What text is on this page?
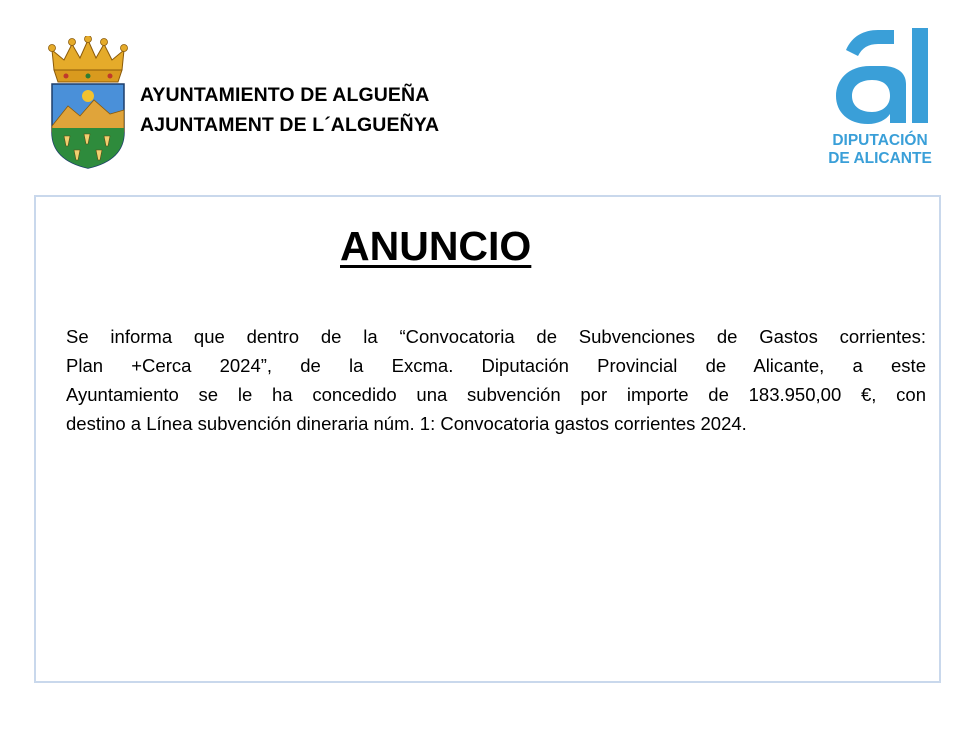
AYUNTAMIENTO DE ALGUEÑA
AJUNTAMENT DE L´ALGUEÑYA
DIPUTACIÓN
DE ALICANTE
ANUNCIO
Se informa que dentro de la “Convocatoria de Subvenciones de Gastos corrientes:
Plan +Cerca 2024”, de la Excma. Diputación Provincial de Alicante, a este
Ayuntamiento se le ha concedido una subvención por importe de 183.950,00 €, con
destino a Línea subvención dineraria núm. 1: Convocatoria gastos corrientes 2024.
